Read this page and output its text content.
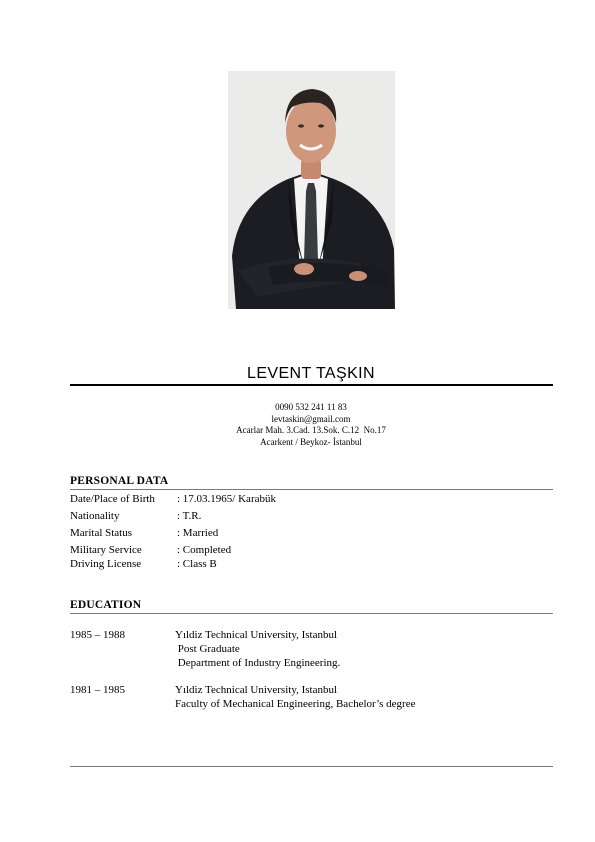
LEVENT TAŞKIN
0090 532 241 11 83
levtaskin@gmail.com
Acarlar Mah. 3.Cad. 13.Sok. C.12  No.17
Acarkent / Beykoz- İstanbul
PERSONAL DATA
Date/Place of Birth : 17.03.1965/ Karabük
Nationality	: T.R.
Marital Status	: Married
Military Service	: Completed
Driving License	: Class B
EDUCATION
1985 – 1988	Yıldiz Technical University, Istanbul
Post Graduate
Department of Industry Engineering.
1981 – 1985	Yıldiz Technical University, Istanbul
Faculty of Mechanical Engineering, Bachelor’s degree
